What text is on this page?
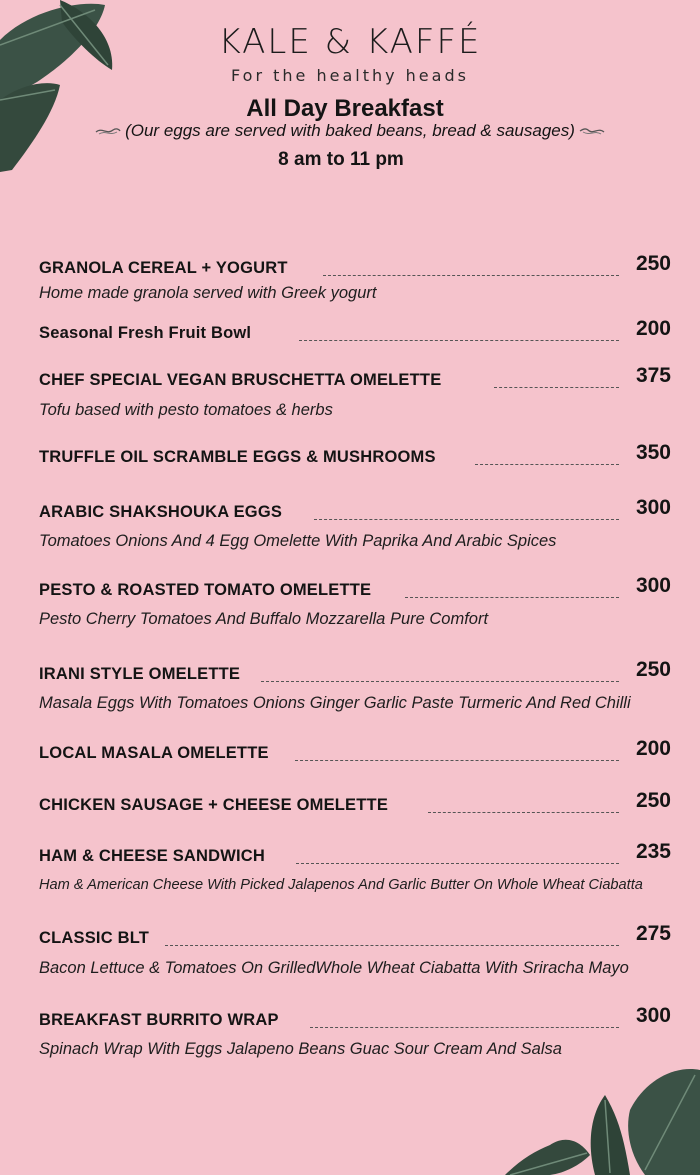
KALE & KAFFÉ
For the healthy heads
All Day Breakfast
(Our eggs are served with baked beans, bread & sausages)
8 am to 11 pm
GRANOLA CEREAL + YOGURT	250
Home made granola served with Greek yogurt
Seasonal Fresh Fruit Bowl	200
CHEF SPECIAL VEGAN BRUSCHETTA OMELETTE	375
Tofu based with pesto tomatoes & herbs
TRUFFLE OIL SCRAMBLE EGGS & MUSHROOMS	350
ARABIC SHAKSHOUKA EGGS	300
Tomatoes Onions And 4 Egg Omelette With Paprika And Arabic Spices
PESTO & ROASTED TOMATO OMELETTE	300
Pesto Cherry Tomatoes And Buffalo Mozzarella Pure Comfort
IRANI STYLE OMELETTE	250
Masala Eggs With Tomatoes Onions Ginger Garlic Paste Turmeric And Red Chilli
LOCAL MASALA OMELETTE	200
CHICKEN SAUSAGE + CHEESE OMELETTE	250
HAM & CHEESE SANDWICH	235
Ham & American Cheese With Picked Jalapenos And Garlic Butter On Whole Wheat Ciabatta
CLASSIC BLT	275
Bacon Lettuce & Tomatoes On GrilledWhole Wheat Ciabatta With Sriracha Mayo
BREAKFAST BURRITO WRAP	300
Spinach Wrap With Eggs Jalapeno Beans Guac Sour Cream And Salsa
